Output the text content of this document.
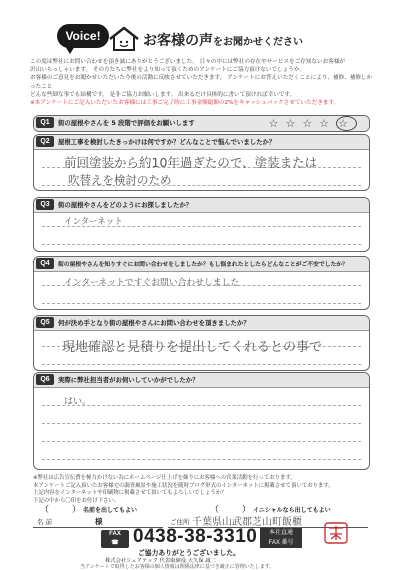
Voice!	お客様の声をお聞かせください

この度は弊社にお問い合わせを頂き誠にありがとうございました。 日々の中には弊社の存在やサービスをご存知ないお客様が

沢山いらっしゃいます。 その方たちに弊社をより知って頂くためのアンケートにご協力頂けないでしょうか。

お客様のご意見をお聞かせいただいた今後の活動に反映させていただきます。 アンケートにお答えいただくことにより、補修、補修しかったこと

どんな些細な事でも結構です。 是非ご協力お願いします。 出来るだけ具体的に書いて頂ければ幸いです。

※本アンケートにご記入いただいたお客様には工事ご完了時に工事金額総額の2%をキャッシュバックさせていただきます。

Q1	街の屋根やさんを 5 段階で評価をお願いします	☆☆☆☆ ☆
Q2	屋根工事を検討したきっかけは何ですか？どんなことで悩んでいましたか？
前回塗装から約10年過ぎたので、塗装または
吹替えを検討のため
Q3	街の屋根やさんをどのようにお探しましたか？
インターネット
Q4	街の屋根やさんを知りすぐにお問い合わせをしましたか？もし悩まれたとしたらどんなことがご不安でしたか？
インターネットですぐお問い合わせしました
Q5	何が決め手となり街の屋根やさんにお問い合わせを頂きましたか？
現地確認と見積りを提出してくれるとの事で
Q6	実際に弊社担当者がお伺いしていかがでしたか？
はい。

※弊社は広告宣伝費を極力かけない為にホームページ仕上げを繰りにお客様への営業活動を行っております。

本アンケートご記入頂いたお客様宅の調査風景や施工状況を随時ブログ形式のインターネットに掲載させて頂いております。

上記内容をインターネットや印刷物に掲載させて頂いてもよろしいでしょうか？

下記の中から〇印をお付け下さい。

（        ） 名前を出してもよい	（        ） イニシャルなら出してもよい
名 前	様	ご住所 千葉県山武郡芝山町飯櫃
FAX
☎ 0438-38-3310	本社直通
FAX 番号
ご協力ありがとうございました。
株式会社シェアテック 代表取締役 大久保 誠二
当アンケートで取得したお客様の個人情報は関係法律に基づき厳正に管理いたします。
